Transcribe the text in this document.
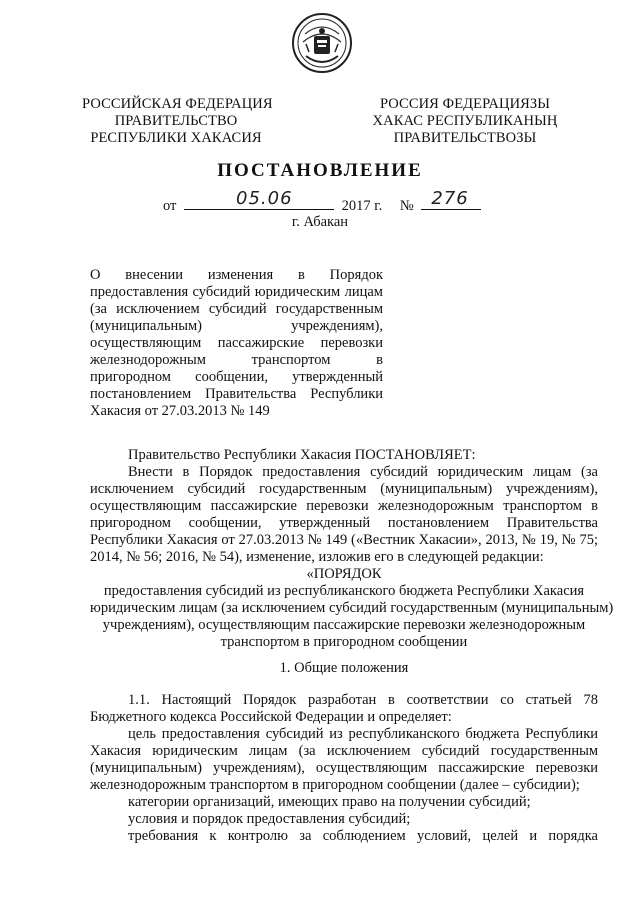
РОССИЙСКАЯ ФЕДЕРАЦИЯ
ПРАВИТЕЛЬСТВО
РЕСПУБЛИКИ ХАКАСИЯ
РОССИЯ ФЕДЕРАЦИЯЗЫ
ХАКАС РЕСПУБЛИКАНЫҢ
ПРАВИТЕЛЬСТВОЗЫ
ПОСТАНОВЛЕНИЕ
от	05.06	2017 г. № 276
г. Абакан
О внесении изменения в Порядок
предоставления субсидий юридическим лицам
(за исключением субсидий государственным
(муниципальным) учреждениям),
осуществляющим пассажирские перевозки
железнодорожным транспортом в
пригородном сообщении, утвержденный
постановлением Правительства Республики
Хакасия от 27.03.2013 № 149
Правительство Республики Хакасия ПОСТАНОВЛЯЕТ:
Внести в Порядок предоставления субсидий юридическим лицам (за
исключением субсидий государственным (муниципальным) учреждениям),
осуществляющим пассажирские перевозки железнодорожным транспортом в
пригородном сообщении, утвержденный постановлением Правительства
Республики Хакасия от 27.03.2013 № 149 («Вестник Хакасии», 2013, № 19, № 75;
2014, № 56; 2016, № 54), изменение, изложив его в следующей редакции:
«ПОРЯДОК
предоставления субсидий из республиканского бюджета Республики Хакасия
юридическим лицам (за исключением субсидий государственным (муниципальным)
учреждениям), осуществляющим пассажирские перевозки железнодорожным
транспортом в пригородном сообщении
1. Общие положения
1.1. Настоящий Порядок разработан в соответствии со статьей 78
Бюджетного кодекса Российской Федерации и определяет:
цель предоставления субсидий из республиканского бюджета Республики
Хакасия юридическим лицам (за исключением субсидий государственным
(муниципальным) учреждениям), осуществляющим пассажирские перевозки
железнодорожным транспортом в пригородном сообщении (далее – субсидии);
категории организаций, имеющих право на получении субсидий;
условия и порядок предоставления субсидий;
требования к контролю за соблюдением условий, целей и порядка
